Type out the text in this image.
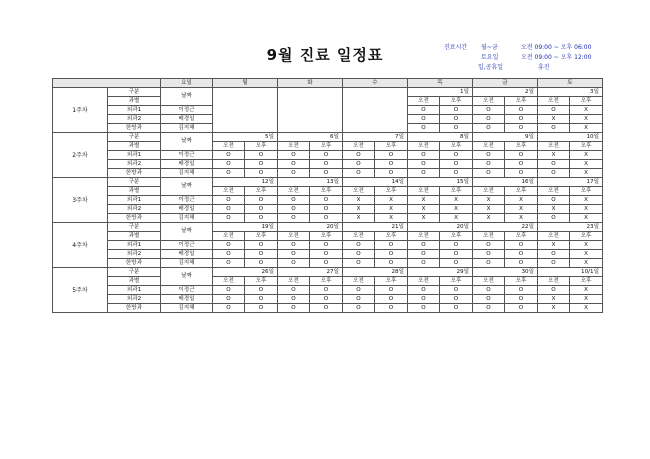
9월 진료 일정표	진료시간 월~금	오전 09:00 ~ 오후 06:00
토요일	오전 09:00 ~ 오후 12:00
일,공휴일	휴진
		요일	월		화		수		목		금		토	
1주차	구분	날짜							1일		2일		3일	
	과별								오전	오후	오전	오후	오전	오후
	외과1	이정근							O	O	O	O	O	X
	외과2	배경일							O	O	O	O	X	X
	한방과	김지혜							O	O	O	O	O	X
2주차	구분	날짜	5일		6일		7일		8일		9일		10일	
	과별		오전	오후	오전	오후	오전	오후	오전	오후	오전	오후	오전	오후
	외과1	이정근	O	O	O	O	O	O	O	O	O	O	X	X
	외과2	배경일	O	O	O	O	O	O	O	O	O	O	O	X
	한방과	김지혜	O	O	O	O	O	O	O	O	O	O	O	X
3주차	구분	날짜	12일		13일		14일		15일		16일		17일	
	과별		오전	오후	오전	오후	오전	오후	오전	오후	오전	오후	오전	오후
	외과1	이정근	O	O	O	O	X	X	X	X	X	X	O	X
	외과2	배경일	O	O	O	O	X	X	X	X	X	X	X	X
	한방과	김지혜	O	O	O	O	X	X	X	X	X	X	O	X
4주차	구분	날짜	19일		20일		21일		20일		22일		23일	
	과별		오전	오후	오전	오후	오전	오후	오전	오후	오전	오후	오전	오후
	외과1	이정근	O	O	O	O	O	O	O	O	O	O	X	X
	외과2	배경일	O	O	O	O	O	O	O	O	O	O	O	X
	한방과	김지혜	O	O	O	O	O	O	O	O	O	O	O	X
5주차	구분	날짜	26일		27일		28일		29일		30일		10/1일	
	과별		오전	오후	오전	오후	오전	오후	오전	오후	오전	오후	오전	오후
	외과1	이정근	O	O	O	O	O	O	O	O	O	O	O	X
	외과2	배경일	O	O	O	O	O	O	O	O	O	O	X	X
	한방과	김지혜	O	O	O	O	O	O	O	O	O	O	X	X
